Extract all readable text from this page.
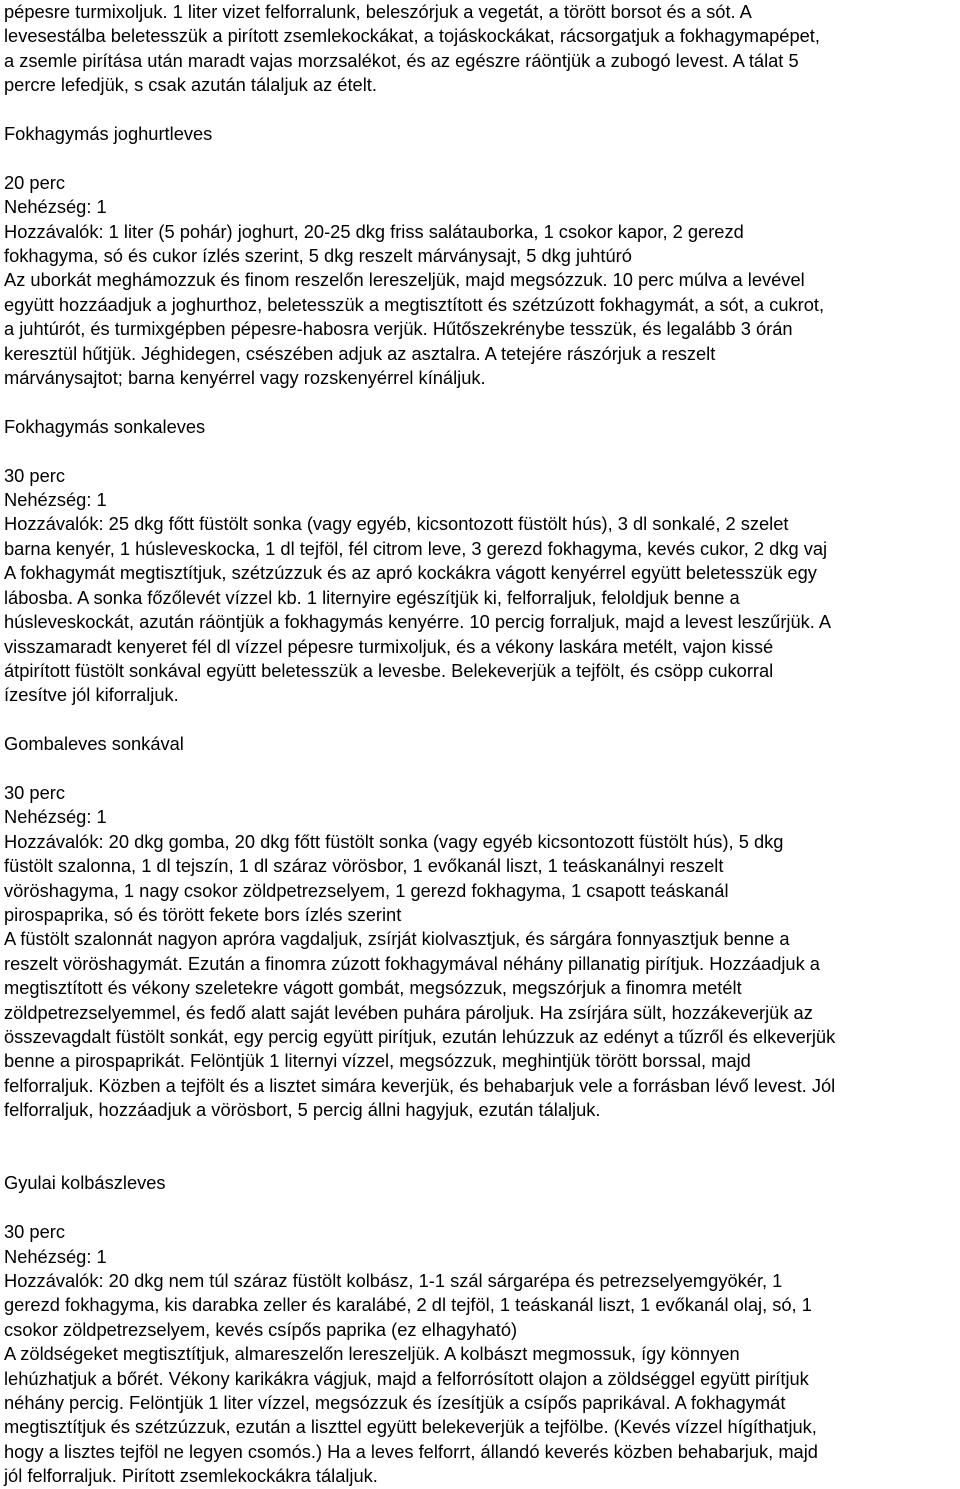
pépesre turmixoljuk. 1 liter vizet felforralunk, beleszórjuk a vegetát, a törött borsot és a sót. A
levesestálba beletesszük a pirított zsemlekockákat, a tojáskockákat, rácsorgatjuk a fokhagymapépet,
a zsemle pirítása után maradt vajas morzsalékot, és az egészre ráöntjük a zubogó levest. A tálat 5
percre lefedjük, s csak azután tálaljuk az ételt.
Fokhagymás joghurtleves
20 perc
Nehézség: 1
Hozzávalók: 1 liter (5 pohár) joghurt, 20-25 dkg friss salátauborka, 1 csokor kapor, 2 gerezd
fokhagyma, só és cukor ízlés szerint, 5 dkg reszelt márványsajt, 5 dkg juhtúró
Az uborkát meghámozzuk és finom reszelőn lereszeljük, majd megsózzuk. 10 perc múlva a levével
együtt hozzáadjuk a joghurthoz, beletesszük a megtisztított és szétzúzott fokhagymát, a sót, a cukrot,
a juhtúrót, és turmixgépben pépesre-habosra verjük. Hűtőszekrénybe tesszük, és legalább 3 órán
keresztül hűtjük. Jéghidegen, csészében adjuk az asztalra. A tetejére rászórjuk a reszelt
márványsajtot; barna kenyérrel vagy rozskenyérrel kínáljuk.
Fokhagymás sonkaleves
30 perc
Nehézség: 1
Hozzávalók: 25 dkg főtt füstölt sonka (vagy egyéb, kicsontozott füstölt hús), 3 dl sonkalé, 2 szelet
barna kenyér, 1 húsleveskocka, 1 dl tejföl, fél citrom leve, 3 gerezd fokhagyma, kevés cukor, 2 dkg vaj
A fokhagymát megtisztítjuk, szétzúzzuk és az apró kockákra vágott kenyérrel együtt beletesszük egy
lábosba. A sonka főzőlevét vízzel kb. 1 liternyire egészítjük ki, felforraljuk, feloldjuk benne a
húsleveskockát, azután ráöntjük a fokhagymás kenyérre. 10 percig forraljuk, majd a levest leszűrjük. A
visszamaradt kenyeret fél dl vízzel pépesre turmixoljuk, és a vékony laskára metélt, vajon kissé
átpirított füstölt sonkával együtt beletesszük a levesbe. Belekeverjük a tejfölt, és csöpp cukorral
ízesítve jól kiforraljuk.
Gombaleves sonkával
30 perc
Nehézség: 1
Hozzávalók: 20 dkg gomba, 20 dkg főtt füstölt sonka (vagy egyéb kicsontozott füstölt hús), 5 dkg
füstölt szalonna, 1 dl tejszín, 1 dl száraz vörösbor, 1 evőkanál liszt, 1 teáskanálnyi reszelt
vöröshagyma, 1 nagy csokor zöldpetrezselyem, 1 gerezd fokhagyma, 1 csapott teáskanál
pirospaprika, só és törött fekete bors ízlés szerint
A füstölt szalonnát nagyon apróra vagdaljuk, zsírját kiolvasztjuk, és sárgára fonnyasztjuk benne a
reszelt vöröshagymát. Ezután a finomra zúzott fokhagymával néhány pillanatig pirítjuk. Hozzáadjuk a
megtisztított és vékony szeletekre vágott gombát, megsózzuk, megszórjuk a finomra metélt
zöldpetrezselyemmel, és fedő alatt saját levében puhára pároljuk. Ha zsírjára sült, hozzákeverjük az
összevagdalt füstölt sonkát, egy percig együtt pirítjuk, ezután lehúzzuk az edényt a tűzről és elkeverjük
benne a pirospaprikát. Felöntjük 1 liternyi vízzel, megsózzuk, meghintjük törött borssal, majd
felforraljuk. Közben a tejfölt és a lisztet simára keverjük, és behabarjuk vele a forrásban lévő levest. Jól
felforraljuk, hozzáadjuk a vörösbort, 5 percig állni hagyjuk, ezután tálaljuk.
Gyulai kolbászleves
30 perc
Nehézség: 1
Hozzávalók: 20 dkg nem túl száraz füstölt kolbász, 1-1 szál sárgarépa és petrezselyemgyökér, 1
gerezd fokhagyma, kis darabka zeller és karalábé, 2 dl tejföl, 1 teáskanál liszt, 1 evőkanál olaj, só, 1
csokor zöldpetrezselyem, kevés csípős paprika (ez elhagyható)
A zöldségeket megtisztítjuk, almareszelőn lereszeljük. A kolbászt megmossuk, így könnyen
lehúzhatjuk a bőrét. Vékony karikákra vágjuk, majd a felforrósított olajon a zöldséggel együtt pirítjuk
néhány percig. Felöntjük 1 liter vízzel, megsózzuk és ízesítjük a csípős paprikával. A fokhagymát
megtisztítjuk és szétzúzzuk, ezután a liszttel együtt belekeverjük a tejfölbe. (Kevés vízzel hígíthatjuk,
hogy a lisztes tejföl ne legyen csomós.) Ha a leves felforrt, állandó keverés közben behabarjuk, majd
jól felforraljuk. Pirított zsemlekockákra tálaljuk.
